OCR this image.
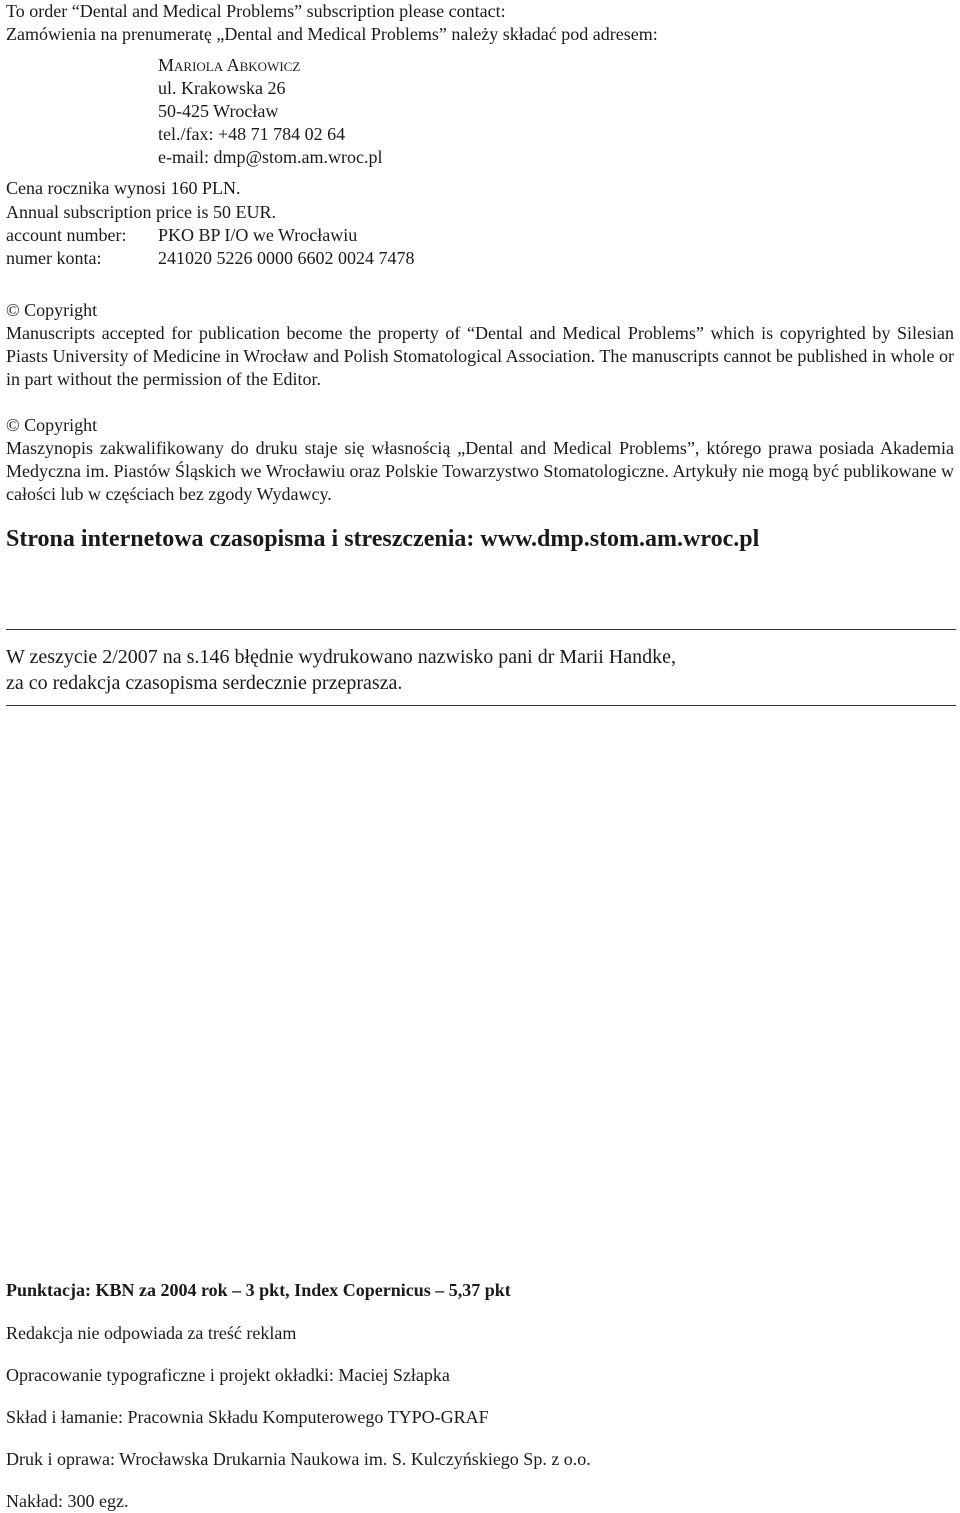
To order “Dental and Medical Problems” subscription please contact:
Zamówienia na prenumeratę „Dental and Medical Problems” należy składać pod adresem:
Mariola Abkowicz
ul. Krakowska 26
50-425 Wrocław
tel./fax: +48 71 784 02 64
e-mail: dmp@stom.am.wroc.pl
Cena rocznika wynosi 160 PLN.
Annual subscription price is 50 EUR.
account number: PKO BP I/O we Wrocławiu
numer konta:	241020 5226 0000 6602 0024 7478
© Copyright
Manuscripts accepted for publication become the property of “Dental and Medical Problems” which is copyrighted by Silesian Piasts University of Medicine in Wrocław and Polish Stomatological Association. The manuscripts cannot be published in whole or in part without the permission of the Editor.
© Copyright
Maszynopis zakwalifikowany do druku staje się własnością „Dental and Medical Problems”, którego prawa posiada Akademia Medyczna im. Piastów Śląskich we Wrocławiu oraz Polskie Towarzystwo Stomatologiczne. Artykuły nie mogą być publikowane w całości lub w częściach bez zgody Wydawcy.
Strona internetowa czasopisma i streszczenia: www.dmp.stom.am.wroc.pl
W zeszycie 2/2007 na s.146 błędnie wydrukowano nazwisko pani dr Marii Handke,
za co redakcja czasopisma serdecznie przeprasza.
Punktacja: KBN za 2004 rok – 3 pkt, Index Copernicus – 5,37 pkt
Redakcja nie odpowiada za treść reklam
Opracowanie typograficzne i projekt okładki: Maciej Szłapka
Skład i łamanie: Pracownia Składu Komputerowego TYPO-GRAF
Druk i oprawa: Wrocławska Drukarnia Naukowa im. S. Kulczyńskiego Sp. z o.o.
Nakład: 300 egz.
